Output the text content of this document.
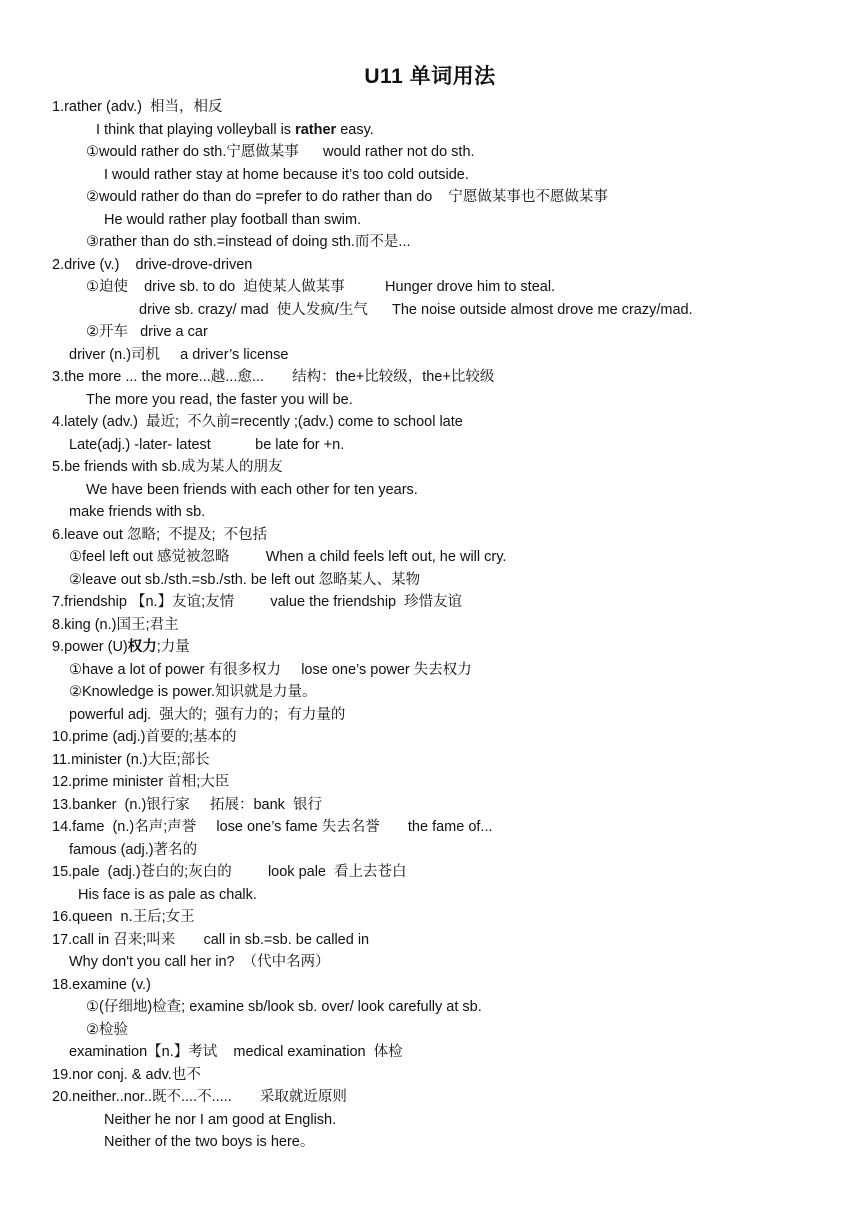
U11 单词用法
1.rather (adv.)  相当，相反
I think that playing volleyball is rather easy.
①would rather do sth.宁愿做某事      would rather not do sth.
I would rather stay at home because it’s too cold outside.
②would rather do than do =prefer to do rather than do    宁愿做某事也不愿做某事
He would rather play football than swim.
③rather than do sth.=instead of doing sth.而不是...
2.drive (v.)    drive-drove-driven
①迫使    drive sb. to do  迫使某人做某事          Hunger drove him to steal.
drive sb. crazy/ mad  使人发疯/生气      The noise outside almost drove me crazy/mad.
②开车   drive a car
driver (n.)司机     a driver’s license
3.the more ... the more...越...愈...       结构：the+比较级，the+比较级
The more you read, the faster you will be.
4.lately (adv.)  最近;  不久前=recently ;(adv.) come to school late
Late(adj.) -later- latest           be late for +n.
5.be friends with sb.成为某人的朋友
We have been friends with each other for ten years.
make friends with sb.
6.leave out 忽略;  不提及;  不包括
①feel left out 感觉被忽略         When a child feels left out, he will cry.
②leave out sb./sth.=sb./sth. be left out 忽略某人、某物
7.friendship 【n.】友谊;友情         value the friendship  珍惜友谊
8.king (n.)国王;君主
9.power (U)权力;力量
①have a lot of power 有很多权力     lose one’s power 失去权力
②Knowledge is power.知识就是力量。
powerful adj.  强大的;  强有力的；有力量的
10.prime (adj.)首要的;基本的
11.minister (n.)大臣;部长
12.prime minister 首相;大臣
13.banker  (n.)银行家     拓展：bank  银行
14.fame  (n.)名声;声誉     lose one’s fame 失去名誉       the fame of...
famous (adj.)著名的
15.pale  (adj.)苍白的;灰白的         look pale  看上去苍白
His face is as pale as chalk.
16.queen  n.王后;女王
17.call in 召来;叫来       call in sb.=sb. be called in
Why don't you call her in?  （代中名两）
18.examine (v.)
①(仔细地)检查; examine sb/look sb. over/ look carefully at sb.
②检验
examination【n.】考试    medical examination  体检
19.nor conj. & adv.也不
20.neither..nor..既不....不.....       采取就近原则
Neither he nor I am good at English.
Neither of the two boys is here。
